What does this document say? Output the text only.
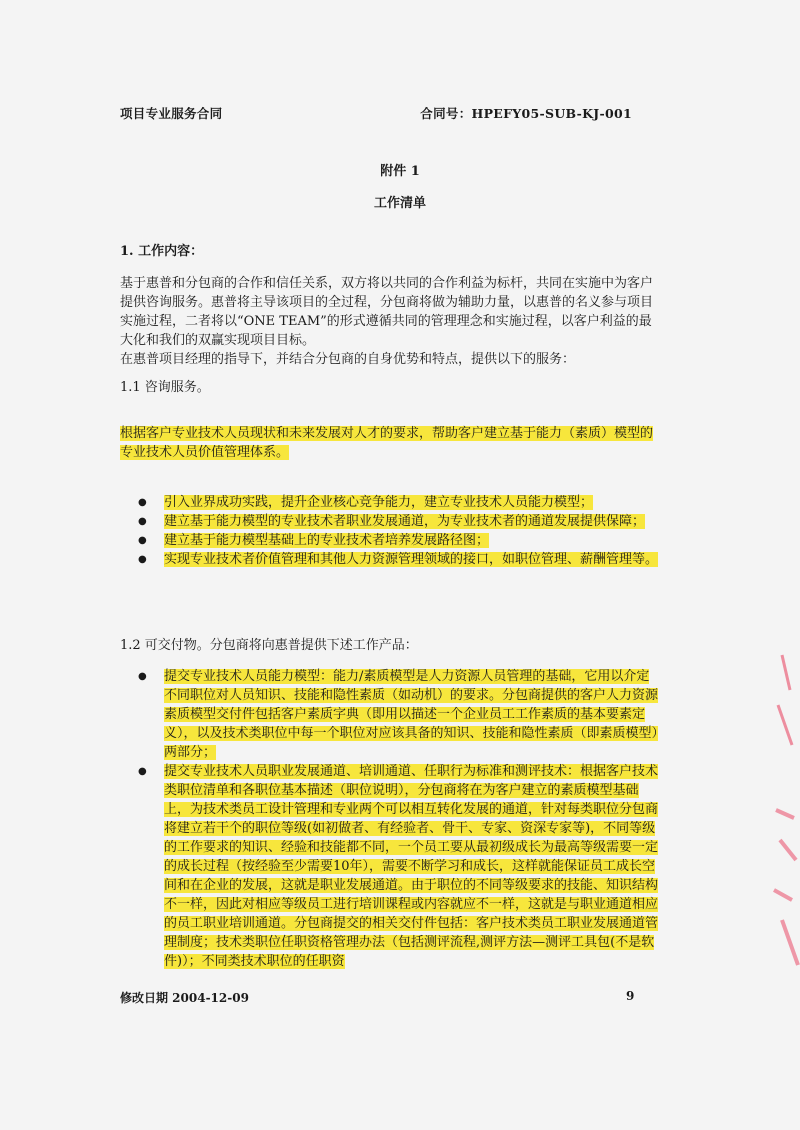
项目专业服务合同	合同号：HPEFY05-SUB-KJ-001
附件 1
工作清单
1. 工作内容：

基于惠普和分包商的合作和信任关系，双方将以共同的合作利益为标杆，共同在实施中为客户提供咨询服务。惠普将主导该项目的全过程，分包商将做为辅助力量，以惠普的名义参与项目实施过程，二者将以“ONE TEAM”的形式遵循共同的管理理念和实施过程，以客户利益的最大化和我们的双赢实现项目目标。

在惠普项目经理的指导下，并结合分包商的自身优势和特点，提供以下的服务：

1.1 咨询服务。
根据客户专业技术人员现状和未来发展对人才的要求，帮助客户建立基于能力（素质）模型的专业技术人员价值管理体系。
● 引入业界成功实践，提升企业核心竞争能力，建立专业技术人员能力模型；
● 建立基于能力模型的专业技术者职业发展通道，为专业技术者的通道发展提供保障；
● 建立基于能力模型基础上的专业技术者培养发展路径图；
● 实现专业技术者价值管理和其他人力资源管理领域的接口，如职位管理、薪酬管理等。
1.2 可交付物。分包商将向惠普提供下述工作产品：
● 提交专业技术人员能力模型：能力/素质模型是人力资源人员管理的基础，它用以介定不同职位对人员知识、技能和隐性素质（如动机）的要求。分包商提供的客户人力资源素质模型交付件包括客户素质字典（即用以描述一个企业员工工作素质的基本要素定义），以及技术类职位中每一个职位对应该具备的知识、技能和隐性素质（即素质模型）两部分；
● 提交专业技术人员职业发展通道、培训通道、任职行为标准和测评技术：根据客户技术类职位清单和各职位基本描述（职位说明），分包商将在为客户建立的素质模型基础上，为技术类员工设计管理和专业两个可以相互转化发展的通道，针对每类职位分包商将建立若干个的职位等级(如初做者、有经验者、骨干、专家、资深专家等)，不同等级的工作要求的知识、经验和技能都不同，一个员工要从最初级成长为最高等级需要一定的成长过程（按经验至少需要10年），需要不断学习和成长，这样就能保证员工成长空间和在企业的发展，这就是职业发展通道。由于职位的不同等级要求的技能、知识结构不一样，因此对相应等级员工进行培训课程或内容就应不一样，这就是与职业通道相应的员工职业培训通道。分包商提交的相关交付件包括：客户技术类员工职业发展通道管理制度；技术类职位任职资格管理办法（包括测评流程,测评方法—测评工具包(不是软件)）；不同类技术职位的任职资
修改日期 2004-12-09	9
